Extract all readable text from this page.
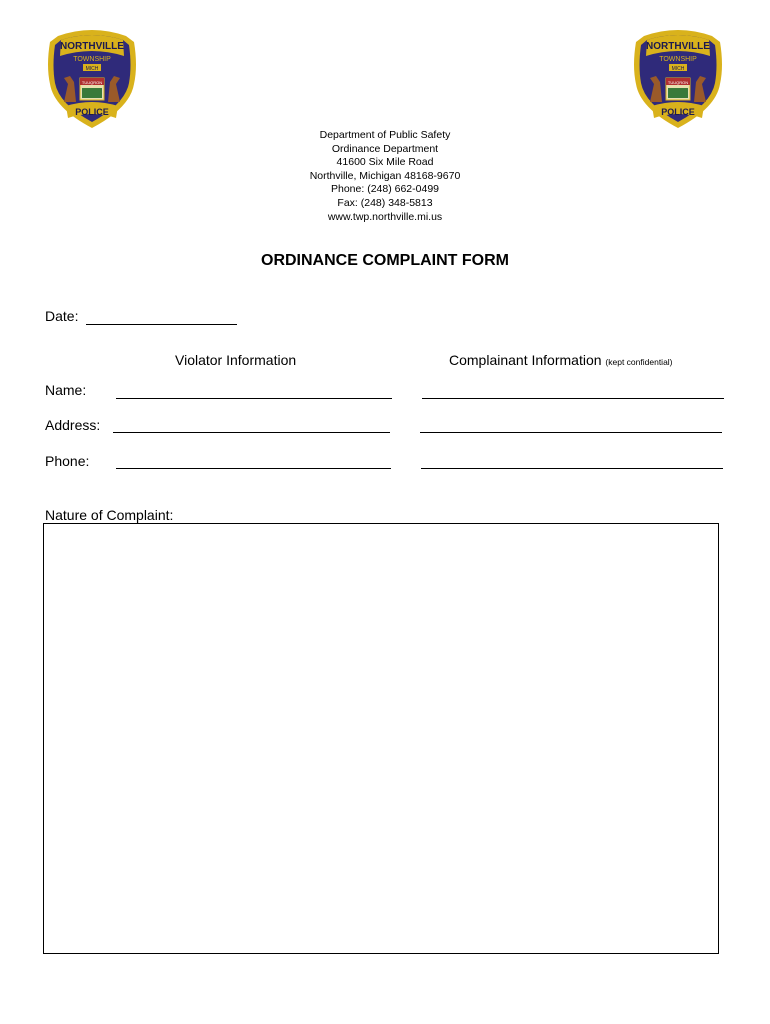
NORTHVILLE
TOWNSHIP
MICH
TUUQRON
POLICE
NORTHVILLE
TOWNSHIP
MICH
TUUQRON
POLICE
Department of Public Safety
Ordinance Department
41600 Six Mile Road
Northville, Michigan 48168-9670
Phone: (248) 662-0499
Fax: (248) 348-5813
www.twp.northville.mi.us
ORDINANCE COMPLAINT FORM
Date:
Violator Information	Complainant Information (kept confidential)
Name:
Address:
Phone:
Nature of Complaint:
